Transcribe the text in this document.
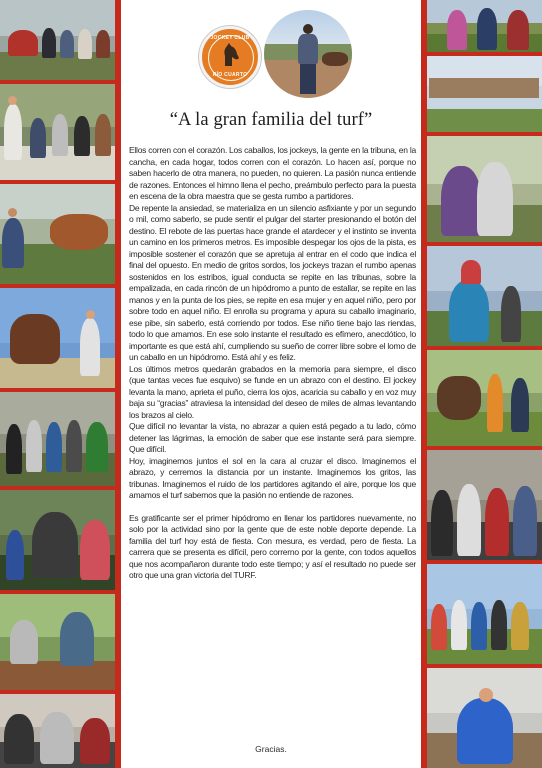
JOCKEY CLUB
RÍO CUARTO
“A la gran familia del turf”

Ellos corren con el corazón. Los caballos, los jockeys, la gente en la tribuna, en la cancha, en cada hogar, todos corren con el corazón. Lo hacen así, porque no saben hacerlo de otra manera, no pueden, no quieren. La pasión nunca entiende de razones. Entonces el himno llena el pecho, preámbulo perfecto para la puesta en escena de la obra maestra que se gesta rumbo a partidores.

De repente la ansiedad, se materializa en un silencio asfixiante y por un segundo o mil, como saberlo, se pude sentir el pulgar del starter presionando el botón del destino. El rebote de las puertas hace grande el atardecer y el instinto se inventa un camino en los primeros metros. Es imposible despegar los ojos de la pista, es imposible sostener el corazón que se apretuja al entrar en el codo que indica el final del opuesto. En medio de gritos sordos, los jockeys trazan el rumbo apenas sostenidos en los estribos, igual conducta se repite en las tribunas, sobre la empalizada, en cada rincón de un hipódromo a punto de estallar, se repite en las manos y en la punta de los pies, se repite en esa mujer y en aquel niño, pero por sobre todo en aquel niño. El enrolla su programa y apura su caballo imaginario, ese pibe, sin saberlo, está corriendo por todos. Ese niño tiene bajo las riendas, todo lo que amamos. En ese solo instante el resultado es efímero, anecdótico, lo importante es que está ahí, cumpliendo su sueño de correr libre sobre el lomo de un caballo en un hipódromo. Está ahí y es feliz.

Los últimos metros quedarán grabados en la memoria para siempre, el disco (que tantas veces fue esquivo) se funde en un abrazo con el destino. El jockey levanta la mano, aprieta el puño, cierra los ojos, acaricia su caballo y en voz muy baja su “gracias” atraviesa la intensidad del deseo de miles de almas levantando los brazos al cielo.

Que difícil no levantar la vista, no abrazar a quien está pegado a tu lado, cómo detener las lágrimas, la emoción de saber que ese instante será para siempre. Que difícil.

Hoy, imaginemos juntos el sol en la cara al cruzar el disco. Imaginemos el abrazo, y cerremos la distancia por un instante. Imaginemos los gritos, las tribunas. Imaginemos el ruido de los partidores agitando el aire, porque los que amamos el turf sabemos que la pasión no entiende de razones.

Es gratificante ser el primer hipódromo en llenar los partidores nuevamente, no solo por la actividad sino por la gente que de este noble deporte depende. La familia del turf hoy está de fiesta. Con mesura, es verdad, pero de fiesta. La carrera que se presenta es difícil, pero correrno por la gente, con todos aquellos que nos acompañaron durante todo este tiempo; y así el resultado no puede ser otro que una gran victoria del TURF.

Gracias.
